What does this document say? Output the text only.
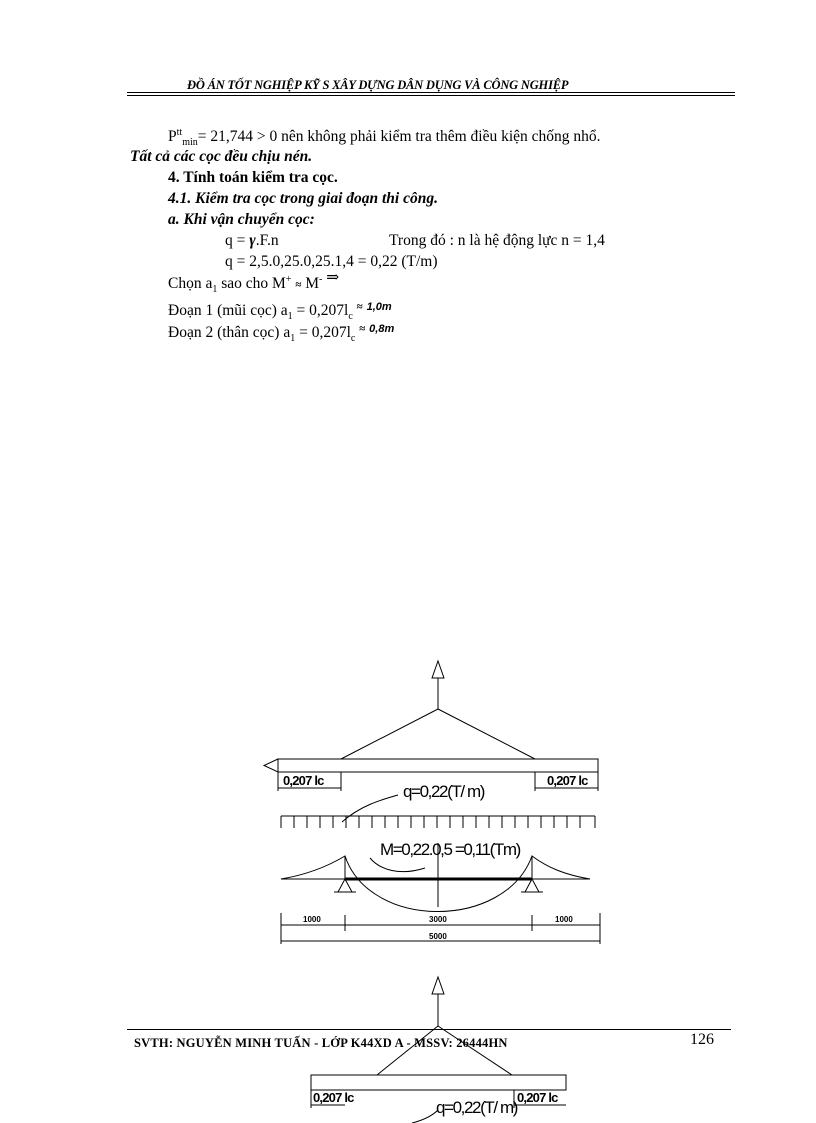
ĐỒ ÁN TỐT NGHIỆP KỸ S XÂY DỰNG DÂN DỤNG VÀ CÔNG NGHIỆP
$P^{tt}_{min}= 21,744 > 0$ nên không phải kiểm tra thêm điều kiện chống nhổ.
Tất cả các cọc đều chịu nén.
4. Tính toán kiểm tra cọc.
4.1. Kiểm tra cọc trong giai đoạn thi công.
a. Khi vận chuyển cọc:
q = γ.F.n	Trong đó : n là hệ động lực n = 1,4
q = 2,5.0,25.0,25.1,4 = 0,22 (T/m)
Chọn $a_1$ sao cho M+ ≈ M- ⇒
Đoạn 1 (mũi cọc) $a_1 = 0,207l_c \approx 1,0m$
Đoạn 2 (thân cọc) $a_1 = 0,207l_c \approx 0,8m$
0,207 lc	0,207 lc
q=0,22(T/ m)
M=0,22.0,5 =0,11(Tm)
1000	3000	1000
5000
0,207 lc	0,207 lc
q=0,22(T/ m)
SVTH: NGUYỄN MINH TUẤN - LỚP K44XD A - MSSV: 26444HN	126
